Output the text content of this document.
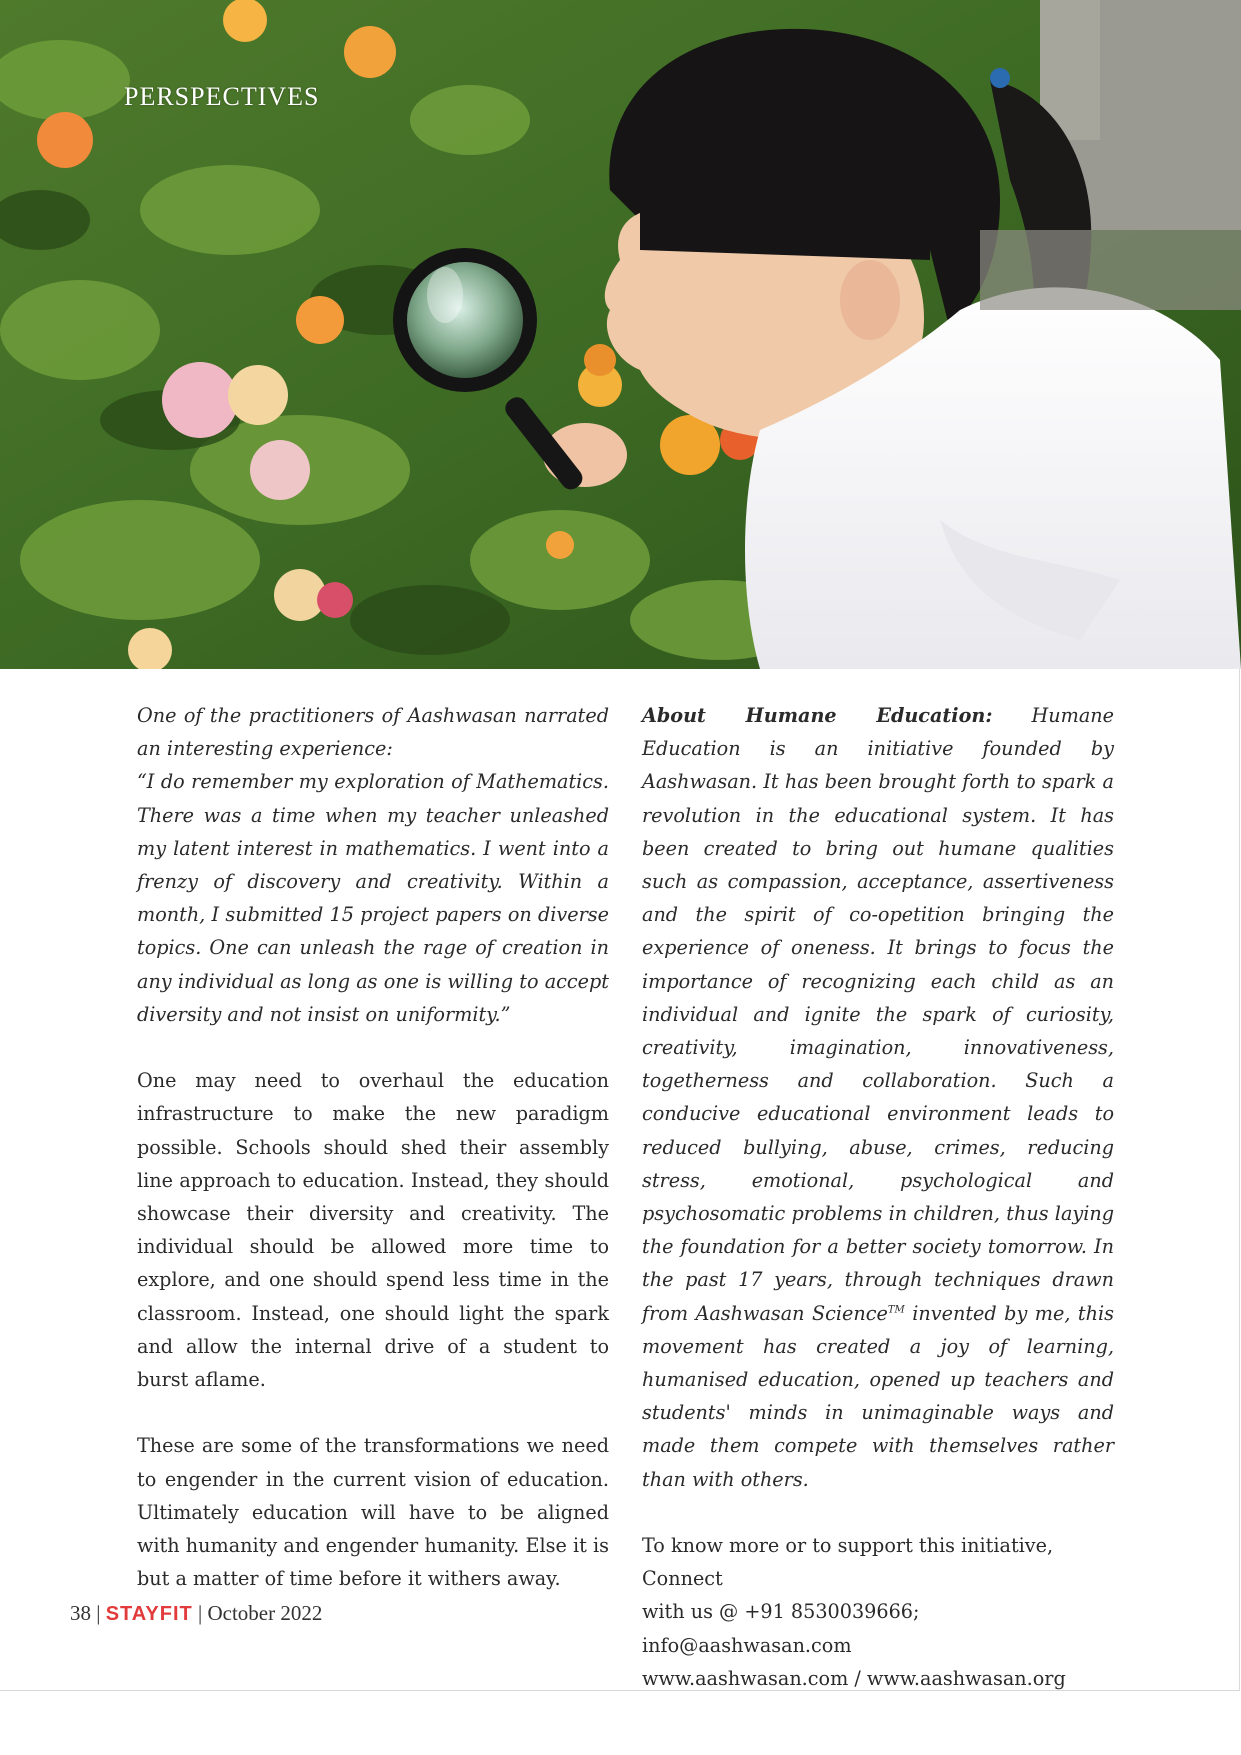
PERSPECTIVES

One of the practitioners of Aashwasan narrated an interesting experience:

“I do remember my exploration of Mathematics. There was a time when my teacher unleashed my latent interest in mathematics. I went into a frenzy of discovery and creativity. Within a month, I submitted 15 project papers on diverse topics. One can unleash the rage of creation in any individual as long as one is willing to accept diversity and not insist on uniformity.”

One may need to overhaul the education infrastructure to make the new paradigm possible. Schools should shed their assembly line approach to education. Instead, they should showcase their diversity and creativity. The individual should be allowed more time to explore, and one should spend less time in the classroom. Instead, one should light the spark and allow the internal drive of a student to burst aflame.

These are some of the transformations we need to engender in the current vision of education. Ultimately education will have to be aligned with humanity and engender humanity. Else it is but a matter of time before it withers away.

About Humane Education: Humane Education is an initiative founded by Aashwasan. It has been brought forth to spark a revolution in the educational system. It has been created to bring out humane qualities such as compassion, acceptance, assertiveness and the spirit of co-opetition bringing the experience of oneness. It brings to focus the importance of recognizing each child as an individual and ignite the spark of curiosity, creativity, imagination, innovativeness, togetherness and collaboration. Such a conducive educational environment leads to reduced bullying, abuse, crimes, reducing stress, emotional, psychological and psychosomatic problems in children, thus laying the foundation for a better society tomorrow. In the past 17 years, through techniques drawn from Aashwasan Science™ invented by me, this movement has created a joy of learning, humanised education, opened up teachers and students' minds in unimaginable ways and made them compete with themselves rather than with others.

To know more or to support this initiative, Connect
with us @ +91 8530039666; info@aashwasan.com
www.aashwasan.com / www.aashwasan.org

38 | STAYFIT | October 2022
